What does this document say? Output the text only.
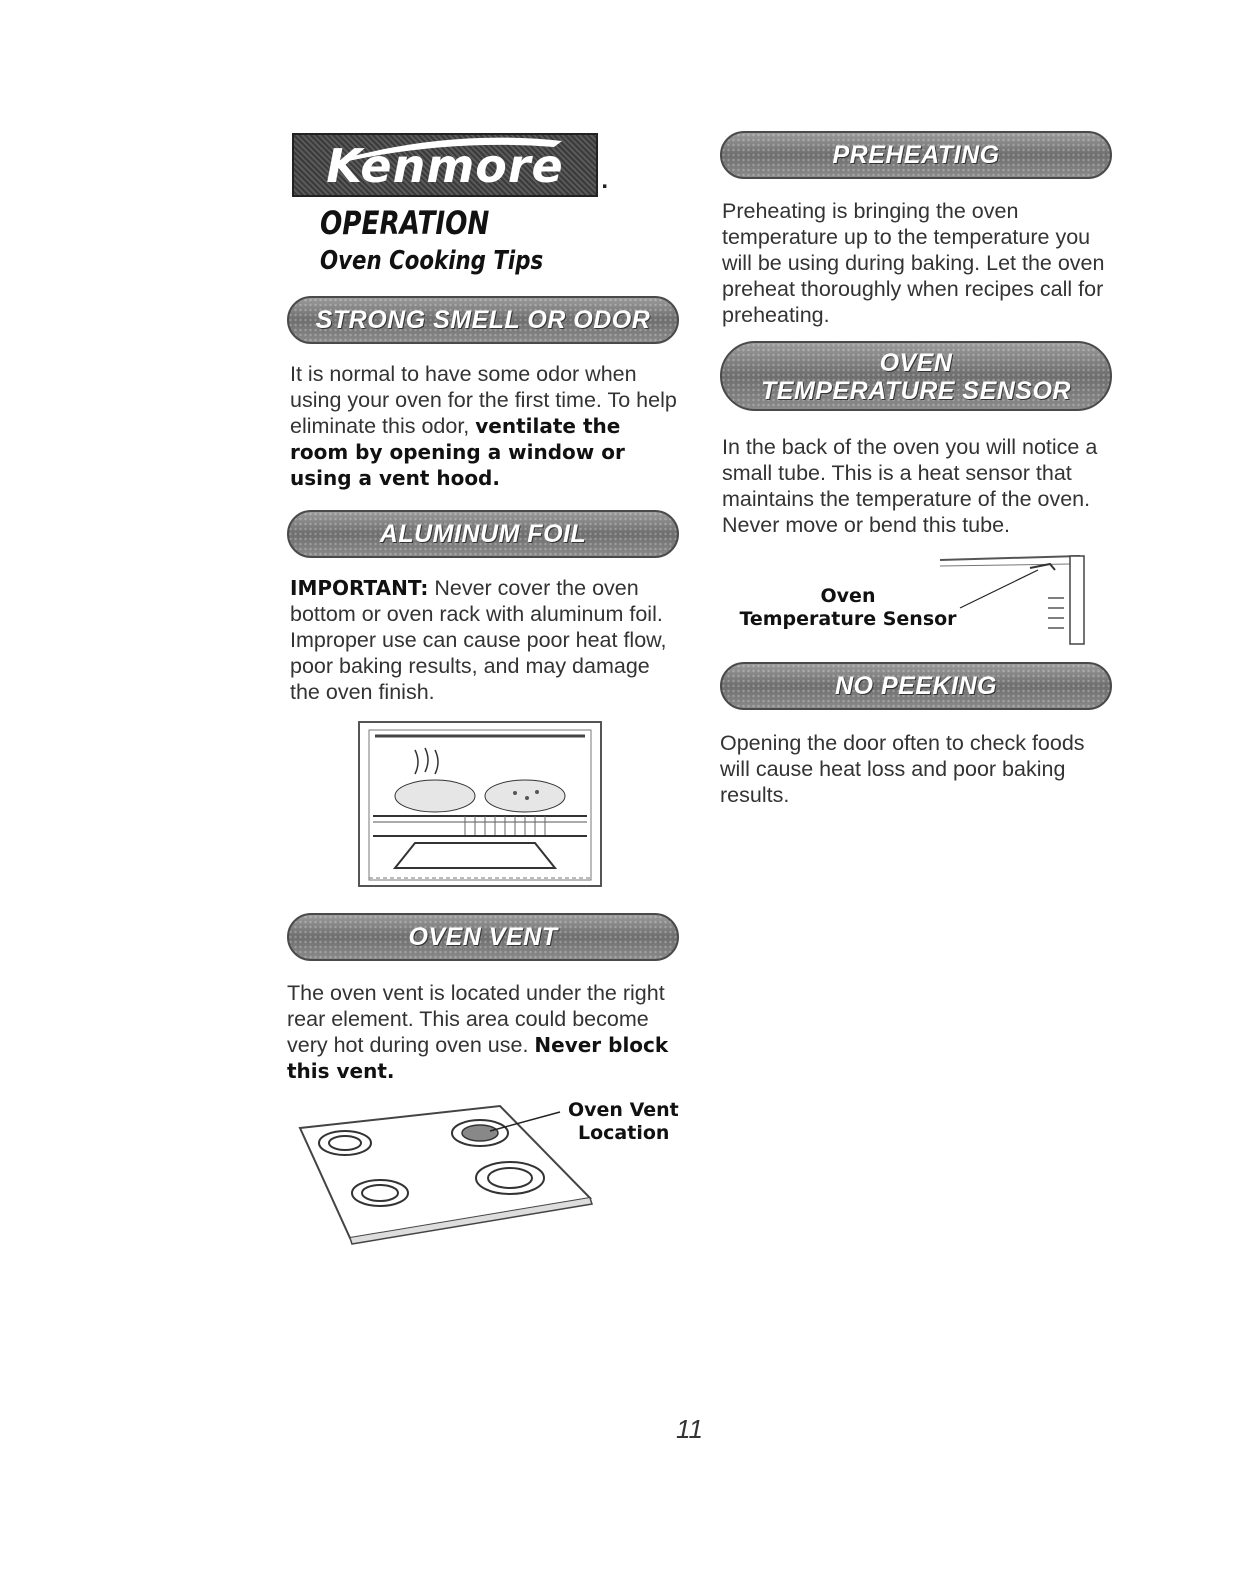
Kenmore	.
OPERATION
Oven Cooking Tips
STRONG SMELL OR ODOR
It is normal to have some odor when using your oven for the first time. To help eliminate this odor, ventilate the room by opening a window or using a vent hood.
ALUMINUM FOIL
IMPORTANT: Never cover the oven bottom or oven rack with aluminum foil. Improper use can cause poor heat flow, poor baking results, and may damage the oven finish.
OVEN VENT
The oven vent is located under the right rear element. This area could become very hot during oven use. Never block this vent.
Oven Vent
Location
PREHEATING
Preheating is bringing the oven temperature up to the temperature you will be using during baking. Let the oven preheat thoroughly when recipes call for preheating.
OVEN
TEMPERATURE SENSOR
In the back of the oven you will notice a small tube. This is a heat sensor that maintains the temperature of the oven. Never move or bend this tube.
Oven
Temperature Sensor
NO PEEKING
Opening the door often to check foods will cause heat loss and poor baking results.
11
